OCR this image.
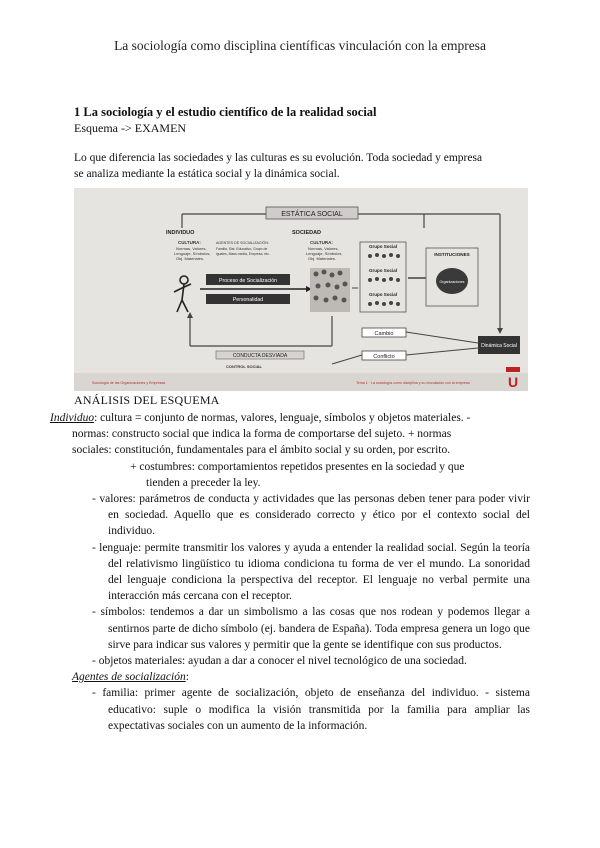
La sociología como disciplina científicas vinculación con la empresa
1 La sociología y el estudio científico de la realidad social
Esquema -> EXAMEN
Lo que diferencia las sociedades y las culturas es su evolución. Toda sociedad y empresa
se analiza mediante la estática social y la dinámica social.
ESTÁTICA SOCIAL
INDIVIDUO	SOCIEDAD
CULTURA:
Normas, Valores,
Lenguaje, Símbolos,
Obj. Materiales.
CULTURA:
Normas, Valores,
Lenguaje, Símbolos,
Obj. Materiales.
AGENTES DE SOCIALIZACIÓN:
Familia, Sist. Educativo, Grupo de
iguales, Mass media, Empresa, etc.
Proceso de Socialización
Personalidad
Grupo Social
Grupo Social
Grupo Social
INSTITUCIONES
Organizaciones
Cambio
Conflicto
Dinámica Social
CONDUCTA DESVIADA
CONTROL SOCIAL
Sociología de las Organizaciones y Empresas	Tema 1 · La sociología como disciplina y su vinculación con la empresa	U
ANÁLISIS DEL ESQUEMA

Individuo: cultura = conjunto de normas, valores, lenguaje, símbolos y objetos materiales. -

normas: constructo social que indica la forma de comportarse del sujeto. + normas

sociales: constitución, fundamentales para el ámbito social y su orden, por escrito.

+ costumbres: comportamientos repetidos presentes en la sociedad y que

tienden a preceder la ley.

- valores: parámetros de conducta y actividades que las personas deben tener para poder vivir en sociedad. Aquello que es considerado correcto y ético por el contexto social del individuo.

- lenguaje: permite transmitir los valores y ayuda a entender la realidad social. Según la teoría del relativismo lingüístico tu idioma condiciona tu forma de ver el mundo. La sonoridad del lenguaje condiciona la perspectiva del receptor. El lenguaje no verbal permite una interacción más cercana con el receptor.

- símbolos: tendemos a dar un simbolismo a las cosas que nos rodean y podemos llegar a sentirnos parte de dicho símbolo (ej. bandera de España). Toda empresa genera un logo que sirve para indicar sus valores y permitir que la gente se identifique con sus productos.

- objetos materiales: ayudan a dar a conocer el nivel tecnológico de una sociedad.

Agentes de socialización:

- familia: primer agente de socialización, objeto de enseñanza del individuo. - sistema educativo: suple o modifica la visión transmitida por la familia para ampliar las expectativas sociales con un aumento de la información.
